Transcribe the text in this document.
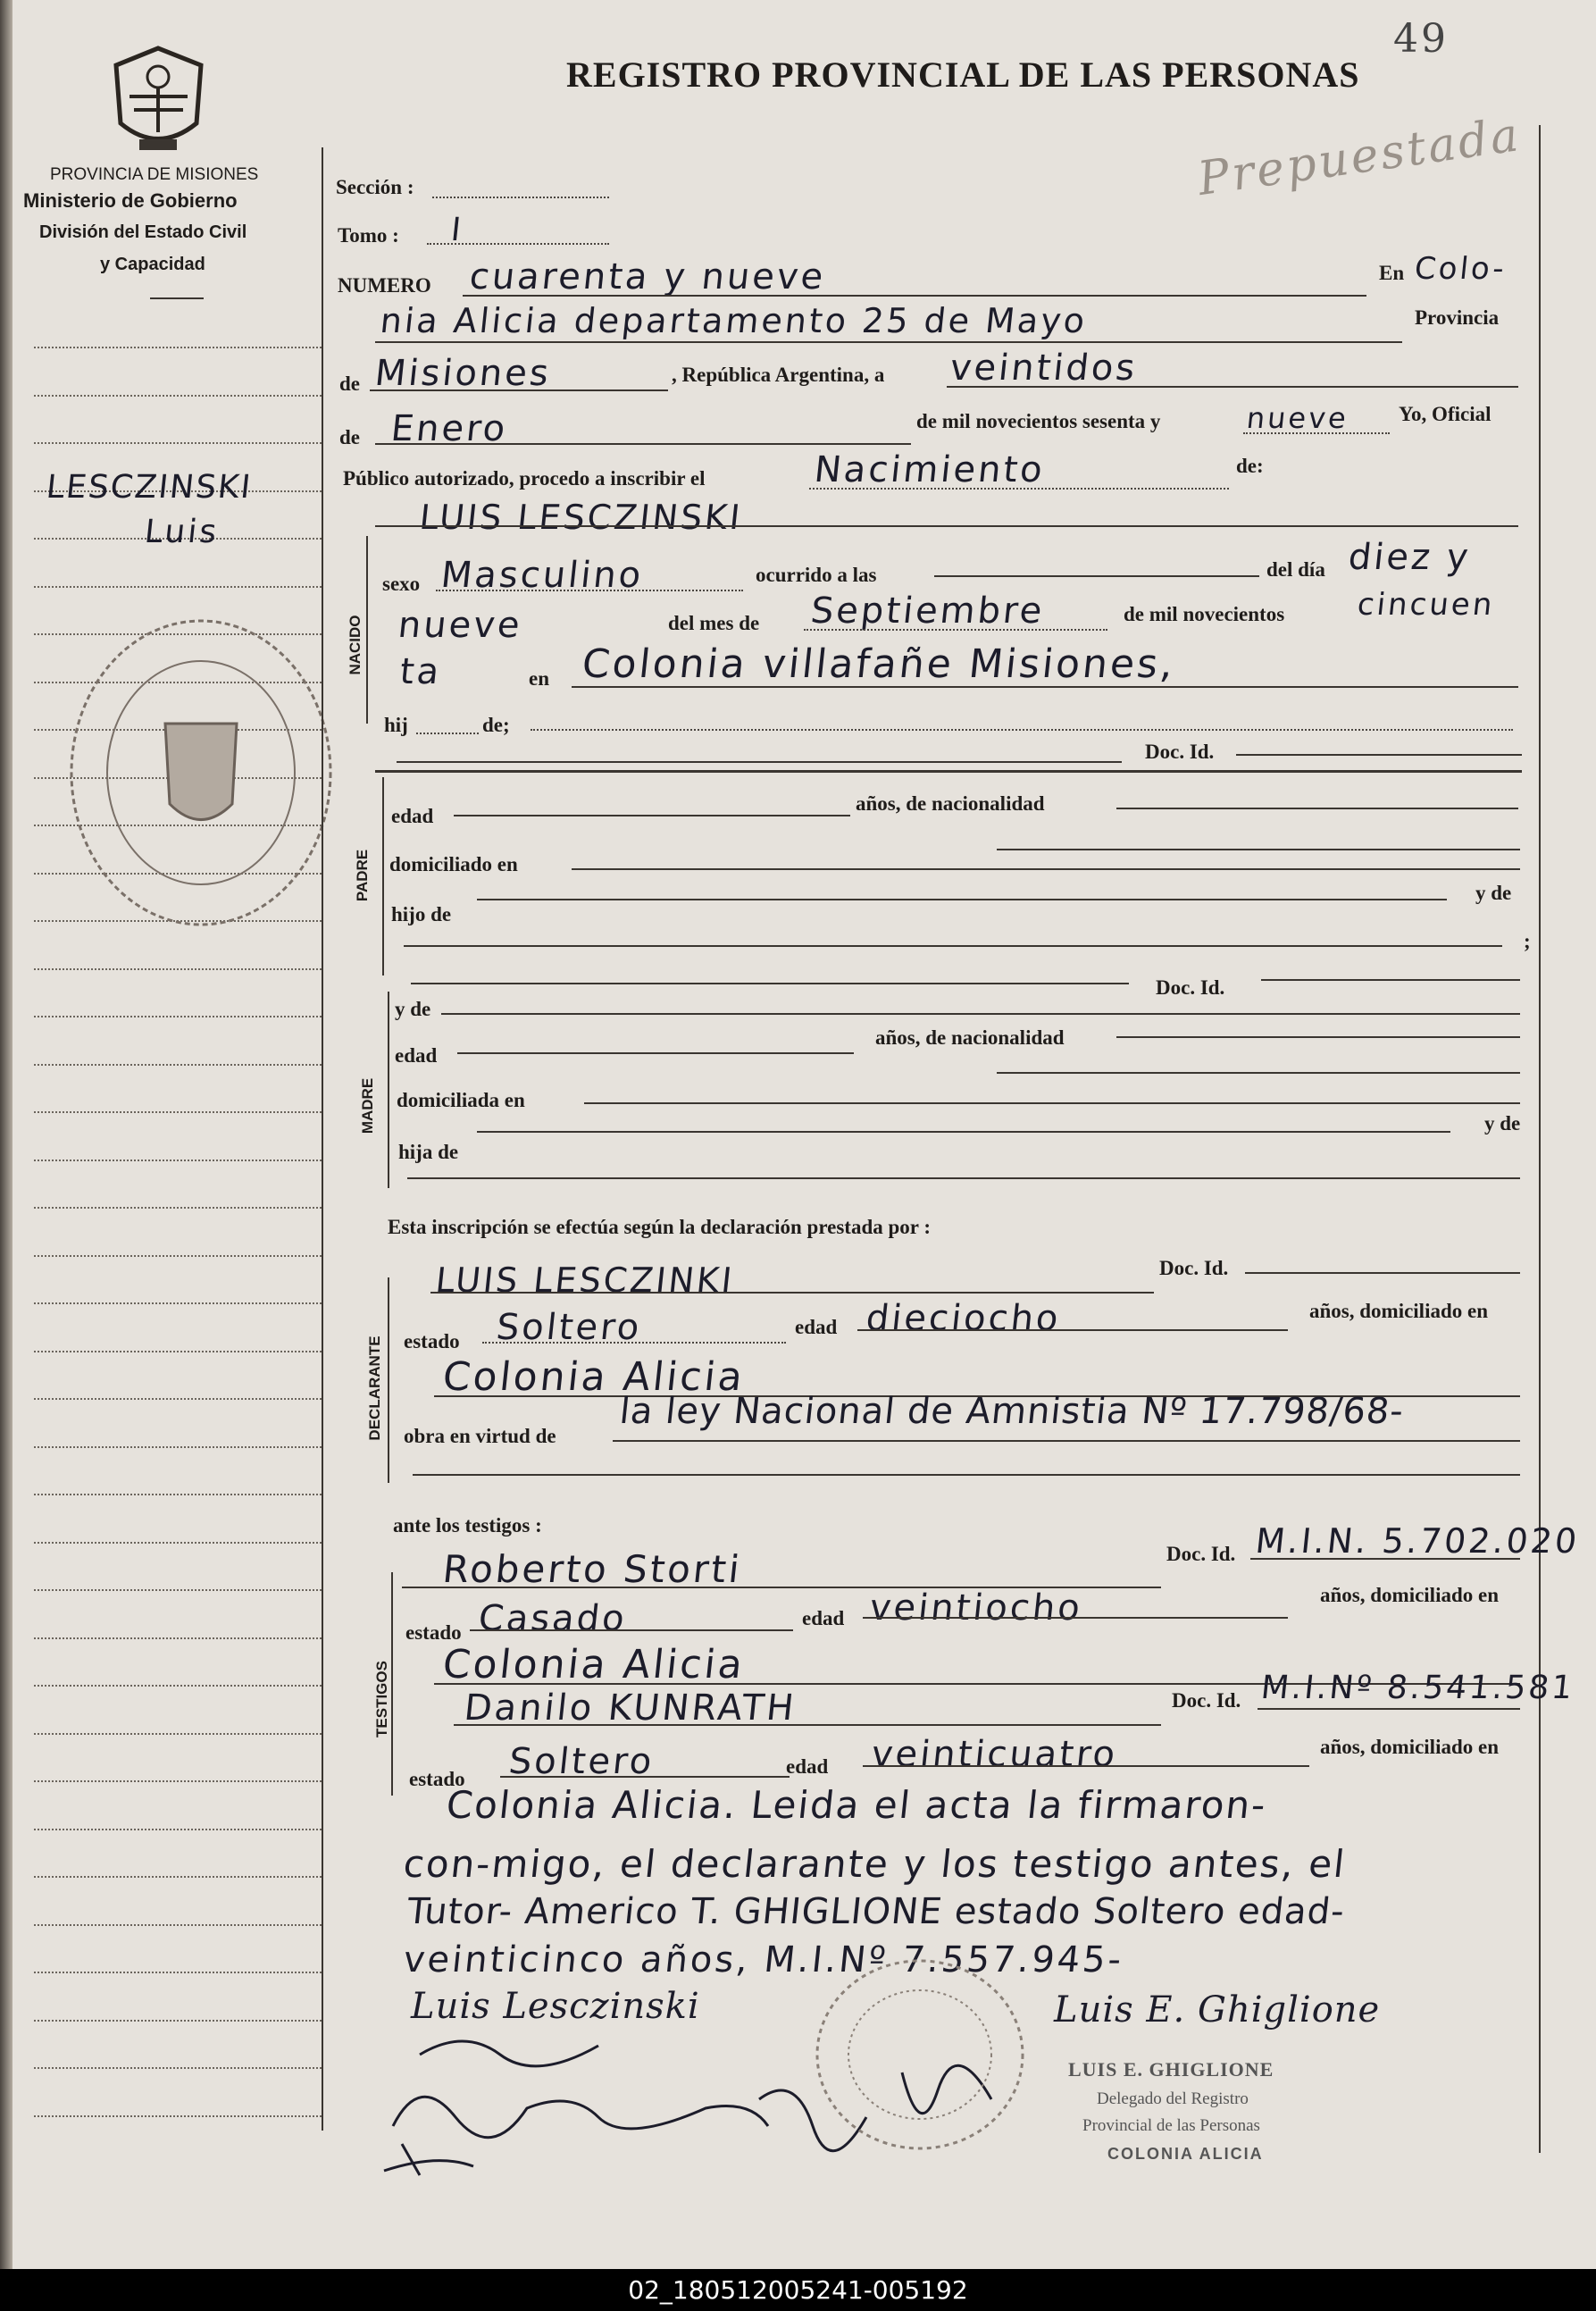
PROVINCIA DE MISIONES
Ministerio de Gobierno
División del Estado Civil
y Capacidad
LESCZINSKI
Luis
REGISTRO PROVINCIAL DE LAS PERSONAS
49
Prepuestada
Sección :
Tomo : I
NUMERO cuarenta y nueve	En Colo-
nia Alicia departamento 25 de Mayo	Provincia
de Misiones	, República Argentina, a veintidos
de Enero	de mil novecientos sesenta y	nueve Yo, Oficial
Público autorizado, procedo a inscribir el	Nacimiento	de:
NACIDO
LUIS LESCZINSKI
sexo Masculino	ocurrido a las	del día diez y
nueve	del mes de Septiembre	de mil novecientos cincuen
ta	en Colonia villafañe Misiones,
hij	de;
Doc. Id.
PADRE
edad
años, de nacionalidad
domiciliado en
hijo de
y de
;
Doc. Id.
MADRE
y de
edad
años, de nacionalidad
domiciliada en
hija de
y de
Esta inscripción se efectúa según la declaración prestada por :
DECLARANTE
LUIS LESCZINKI	Doc. Id.
estado Soltero	edad dieciocho	años, domiciliado en
Colonia Alicia
obra en virtud de
la ley Nacional de Amnistia Nº 17.798/68-
ante los testigos :
TESTIGOS
Roberto Storti	Doc. Id. M.I.N. 5.702.020
estado Casado	edad veintiocho	años, domiciliado en
Colonia Alicia
Danilo KUNRATH	Doc. Id. M.I.Nº 8.541.581
estado Soltero	edad veinticuatro	años, domiciliado en
Colonia Alicia. Leida el acta la firmaron-
con-migo, el declarante y los testigo antes, el
Tutor- Americo T. GHIGLIONE estado Soltero edad-
veinticinco años, M.I.Nº 7.557.945-
Luis Lesczinski	Luis E. Ghiglione
LUIS E. GHIGLIONE
Delegado del Registro
Provincial de las Personas
COLONIA ALICIA
02_180512005241-005192
